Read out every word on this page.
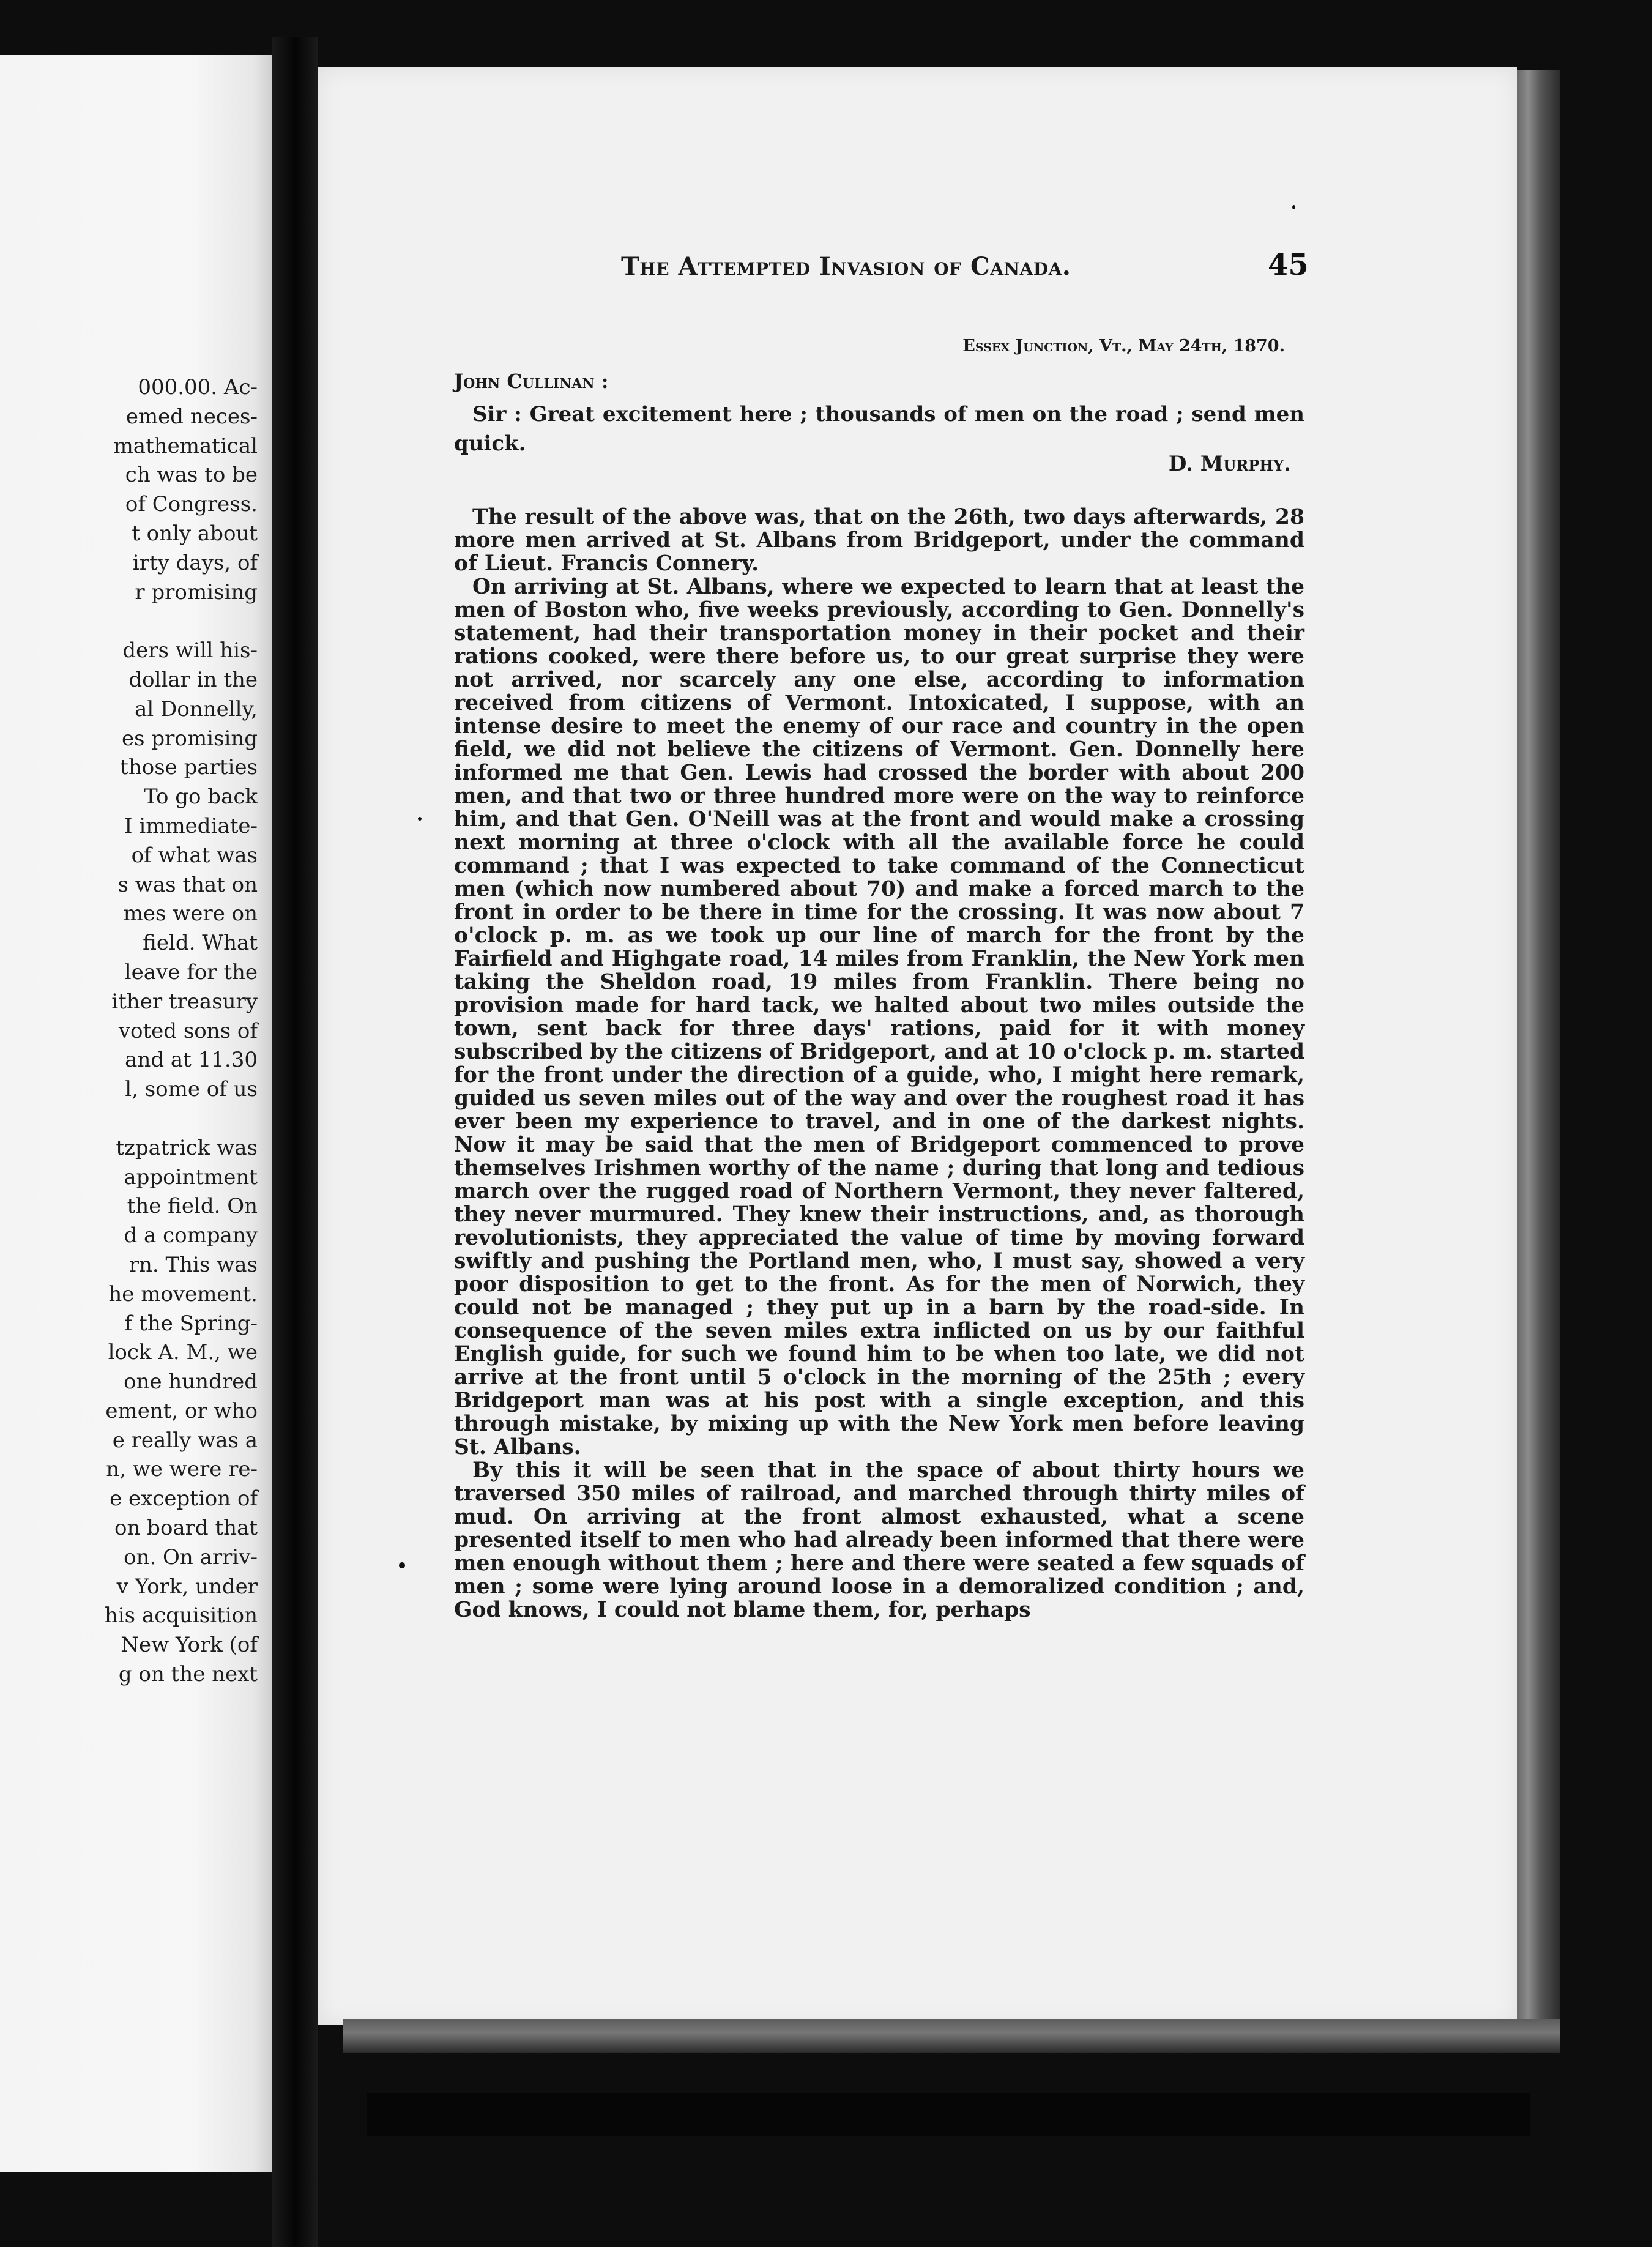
000.00. Ac-
emed neces-
mathematical
ch was to be
of Congress.
t only about
irty days, of
r promising

ders will his-
dollar in the
al Donnelly,
es promising
those parties
To go back
I immediate-
of what was
s was that on
mes were on
field. What
leave for the
ither treasury
voted sons of
and at 11.30
l, some of us

tzpatrick was
appointment
the field. On
d a company
rn. This was
he movement.
f the Spring-
lock A. M., we
one hundred
ement, or who
e really was a
n, we were re-
e exception of
on board that
on. On arriv-
v York, under
his acquisition
New York (of
g on the next
The Attempted Invasion of Canada.	45
Essex Junction, Vt., May 24th, 1870.
John Cullinan :

Sir : Great excitement here ; thousands of men on the road ; send men quick.

D. Murphy.

The result of the above was, that on the 26th, two days afterwards, 28 more men arrived at St. Albans from Bridgeport, under the command of Lieut. Francis Connery.

On arriving at St. Albans, where we expected to learn that at least the men of Boston who, five weeks previously, according to Gen. Donnelly's statement, had their transportation money in their pocket and their rations cooked, were there before us, to our great surprise they were not arrived, nor scarcely any one else, according to information received from citizens of Vermont. Intoxicated, I suppose, with an intense desire to meet the enemy of our race and country in the open field, we did not believe the citizens of Vermont. Gen. Donnelly here informed me that Gen. Lewis had crossed the border with about 200 men, and that two or three hundred more were on the way to reinforce him, and that Gen. O'Neill was at the front and would make a crossing next morning at three o'clock with all the available force he could command ; that I was expected to take command of the Connecticut men (which now numbered about 70) and make a forced march to the front in order to be there in time for the crossing. It was now about 7 o'clock p. m. as we took up our line of march for the front by the Fairfield and Highgate road, 14 miles from Franklin, the New York men taking the Sheldon road, 19 miles from Franklin. There being no provision made for hard tack, we halted about two miles outside the town, sent back for three days' rations, paid for it with money subscribed by the citizens of Bridgeport, and at 10 o'clock p. m. started for the front under the direction of a guide, who, I might here remark, guided us seven miles out of the way and over the roughest road it has ever been my experience to travel, and in one of the darkest nights. Now it may be said that the men of Bridgeport commenced to prove themselves Irishmen worthy of the name ; during that long and tedious march over the rugged road of Northern Vermont, they never faltered, they never murmured. They knew their instructions, and, as thorough revolutionists, they appreciated the value of time by moving forward swiftly and pushing the Portland men, who, I must say, showed a very poor disposition to get to the front. As for the men of Norwich, they could not be managed ; they put up in a barn by the road-side. In consequence of the seven miles extra inflicted on us by our faithful English guide, for such we found him to be when too late, we did not arrive at the front until 5 o'clock in the morning of the 25th ; every Bridgeport man was at his post with a single exception, and this through mistake, by mixing up with the New York men before leaving St. Albans.

By this it will be seen that in the space of about thirty hours we traversed 350 miles of railroad, and marched through thirty miles of mud. On arriving at the front almost exhausted, what a scene presented itself to men who had already been informed that there were men enough without them ; here and there were seated a few squads of men ; some were lying around loose in a demoralized condition ; and, God knows, I could not blame them, for, perhaps
